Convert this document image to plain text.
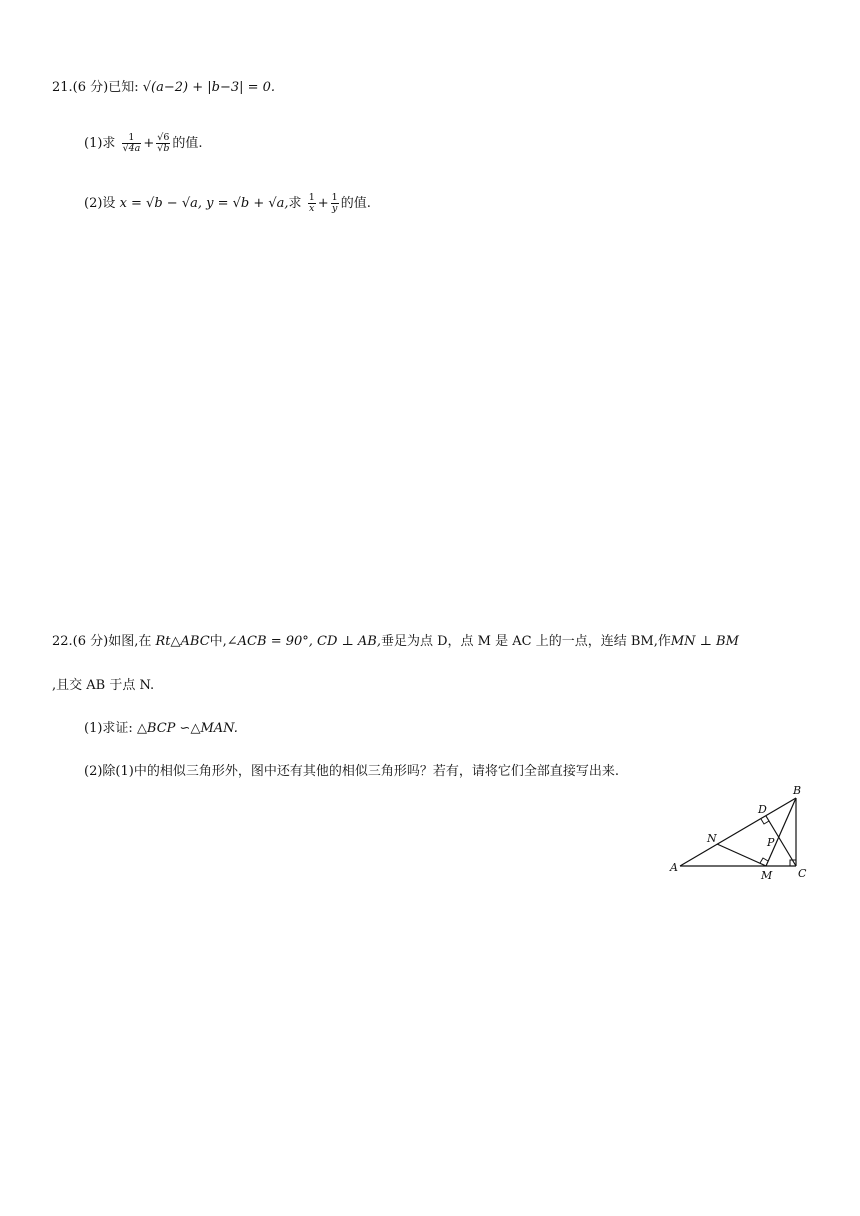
21.(6 分)已知: √(a−2) + |b−3| = 0.
(1)求 $\frac{1}{√4a} + \frac{√6}{√b}$ 的值.
(2)设 x = √b − √a, y = √b + √a,求 $\frac{1}{x} + \frac{1}{y}$ 的值.
22.(6 分)如图,在 Rt△ABC中,∠ACB = 90°, CD ⊥ AB,垂足为点 D，点 M 是 AC 上的一点，连结 BM,作MN ⊥ BM
,且交 AB 于点 N.
(1)求证: △BCP ∽△MAN.
(2)除(1)中的相似三角形外，图中还有其他的相似三角形吗？若有，请将它们全部直接写出来.
A
B
C
D
M
N	P
